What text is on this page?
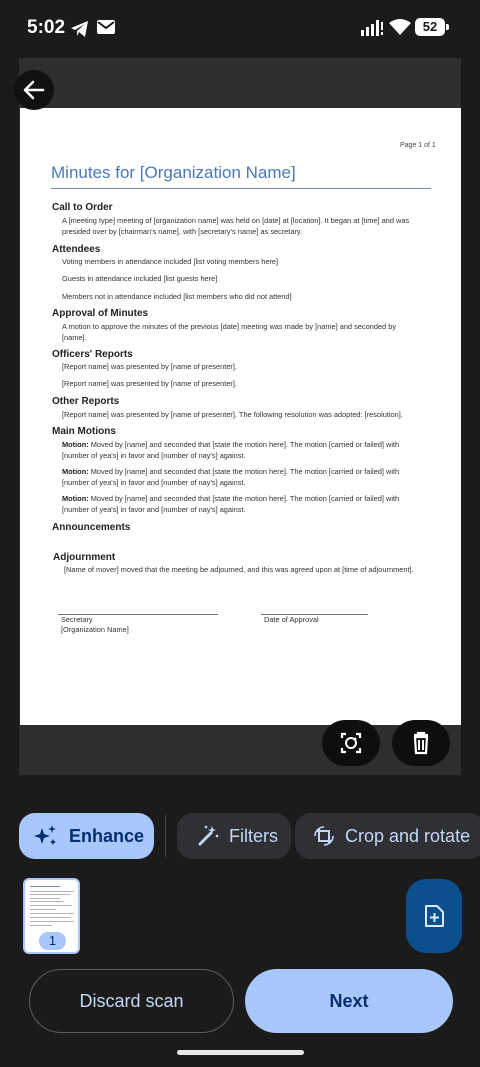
5:02	52
Page 1 of 1
Minutes for [Organization Name]
Call to Order
A [meeting type] meeting of [organization name] was held on [date] at [location]. It began at [time] and was
presided over by [chairman's name], with [secretary's name] as secretary.
Attendees
Voting members in attendance included [list voting members here]
Guests in attendance included [list guests here]
Members not in attendance included [list members who did not attend]
Approval of Minutes
A motion to approve the minutes of the previous [date] meeting was made by [name] and seconded by
[name].
Officers' Reports
[Report name] was presented by [name of presenter].
[Report name] was presented by [name of presenter].
Other Reports
[Report name] was presented by [name of presenter]. The following resolution was adopted: [resolution].
Main Motions
Motion: Moved by [name] and seconded that [state the motion here]. The motion [carried or failed] with
[number of yea's] in favor and [number of nay's] against.
Motion: Moved by [name] and seconded that [state the motion here]. The motion [carried or failed] with
[number of yea's] in favor and [number of nay's] against.
Motion: Moved by [name] and seconded that [state the motion here]. The motion [carried or failed] with
[number of yea's] in favor and [number of nay's] against.
Announcements
Adjournment
[Name of mover] moved that the meeting be adjourned, and this was agreed upon at [time of adjournment].
Secretary
[Organization Name]
Date of Approval
Enhance	Filters	Crop and rotate
1
Discard scan	Next
